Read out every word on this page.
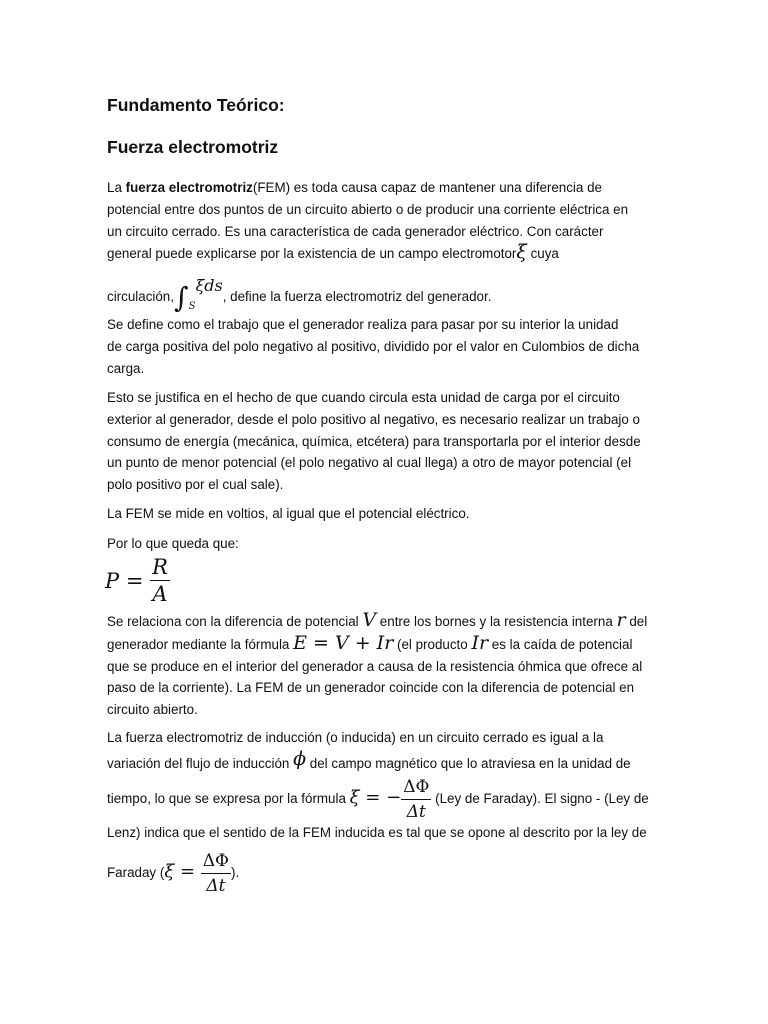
Fundamento Teórico:
Fuerza electromotriz
La fuerza electromotriz(FEM) es toda causa capaz de mantener una diferencia de
potencial entre dos puntos de un circuito abierto o de producir una corriente eléctrica en
un circuito cerrado. Es una característica de cada generador eléctrico. Con carácter
general puede explicarse por la existencia de un campo electromotorξ cuya
$circulación,\int_S\xi ds$, define la fuerza electromotriz del generador.
Se define como el trabajo que el generador realiza para pasar por su interior la unidad
de carga positiva del polo negativo al positivo, dividido por el valor en Culombios de dicha
carga.
Esto se justifica en el hecho de que cuando circula esta unidad de carga por el circuito
exterior al generador, desde el polo positivo al negativo, es necesario realizar un trabajo o
consumo de energía (mecánica, química, etcétera) para transportarla por el interior desde
un punto de menor potencial (el polo negativo al cual llega) a otro de mayor potencial (el
polo positivo por el cual sale).
La FEM se mide en voltios, al igual que el potencial eléctrico.
Por lo que queda que:
$P = \frac{R}{A}$
Se relaciona con la diferencia de potencial V entre los bornes y la resistencia interna r del
generador mediante la fórmula E = V + Ir (el producto Ir es la caída de potencial
que se produce en el interior del generador a causa de la resistencia óhmica que ofrece al
paso de la corriente). La FEM de un generador coincide con la diferencia de potencial en
circuito abierto.
La fuerza electromotriz de inducción (o inducida) en un circuito cerrado es igual a la
variación del flujo de inducción ϕ del campo magnético que lo atraviesa en la unidad de
tiempo, lo que se expresa por la fórmula ξ = − $\frac{\Delta\Phi}{\Delta t} (Ley$ de Faraday). El signo - (Ley de
Lenz) indica que el sentido de la FEM inducida es tal que se opone al descrito por la ley de
Faraday ($\xi = \frac{\Delta\Phi}{\Delta t}$ ).
